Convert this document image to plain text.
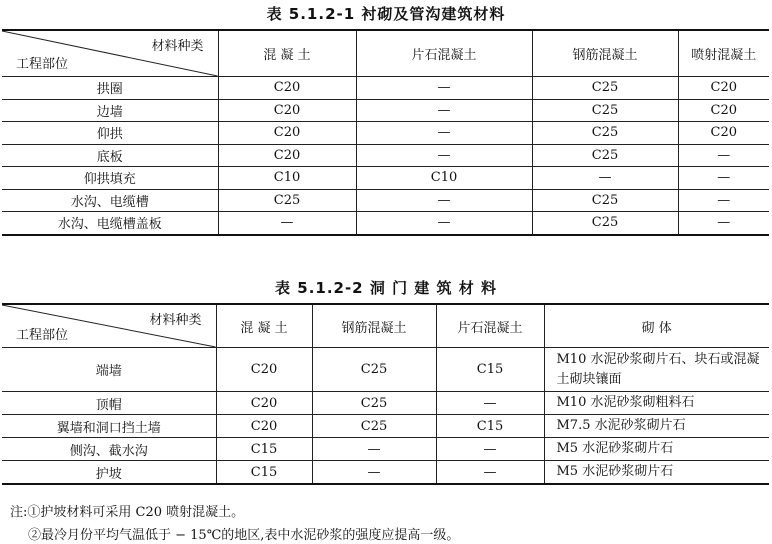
表 5.1.2-1 衬砌及管沟建筑材料
材料种类
工程部位	混 凝 土	片石混凝土	钢筋混凝土	喷射混凝土
拱圈	C20	—	C25	C20
边墙	C20	—	C25	C20
仰拱	C20	—	C25	C20
底板	C20	—	C25	—
仰拱填充	C10	C10	—	—
水沟、电缆槽	C25	—	C25	—
水沟、电缆槽盖板	—	—	C25	—
表 5.1.2-2 洞 门 建 筑 材 料
材料种类
工程部位	混 凝 土	钢筋混凝土	片石混凝土	砌 体
端墙	C20	C25	C15	M10 水泥砂浆砌片石、块石或混凝土砌块镶面
顶帽	C20	C25	—	M10 水泥砂浆砌粗料石
翼墙和洞口挡土墙	C20	C25	C15	M7.5 水泥砂浆砌片石
侧沟、截水沟	C15	—	—	M5 水泥砂浆砌片石
护坡	C15	—	—	M5 水泥砂浆砌片石
注:①护坡材料可采用 C20 喷射混凝土。
②最冷月份平均气温低于 − 15℃的地区,表中水泥砂浆的强度应提高一级。
